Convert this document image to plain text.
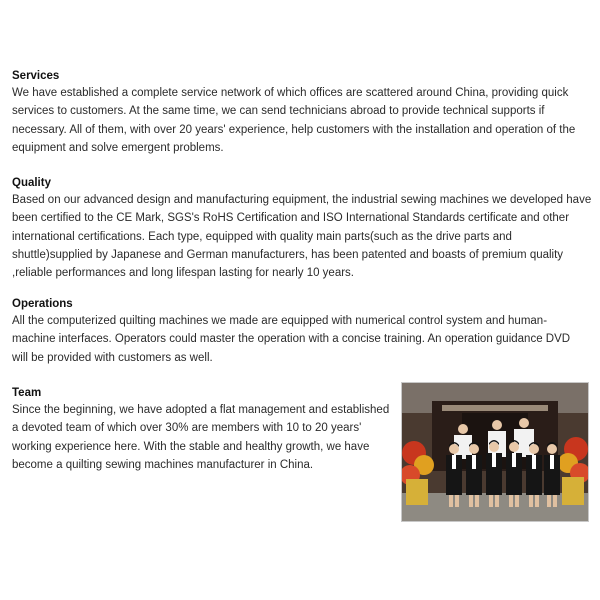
Services

We have established a complete service network of which offices are scattered around China, providing quick services to customers. At the same time, we can send technicians abroad to provide technical supports if necessary. All of them, with over 20 years' experience, help customers with the installation and operation of the equipment and solve emergent problems.

Quality

Based on our advanced design and manufacturing equipment, the industrial sewing machines we developed have been certified to the CE Mark, SGS's RoHS Certification and ISO International Standards certificate and other international certifications. Each type, equipped with quality main parts(such as the drive parts and shuttle)supplied by Japanese and German manufacturers, has been patented and boasts of premium quality ,reliable performances and long lifespan lasting for nearly 10 years.

Operations

All the computerized quilting machines we made are equipped with numerical control system and human-machine interfaces. Operators could master the operation with a concise training. An operation guidance DVD will be provided with customers as well.

Team

Since the beginning, we have adopted a flat management and established a devoted team of which over 30% are members with 10 to 20 years' working experience here. With the stable and healthy growth, we have become a quilting sewing machines manufacturer in China.
